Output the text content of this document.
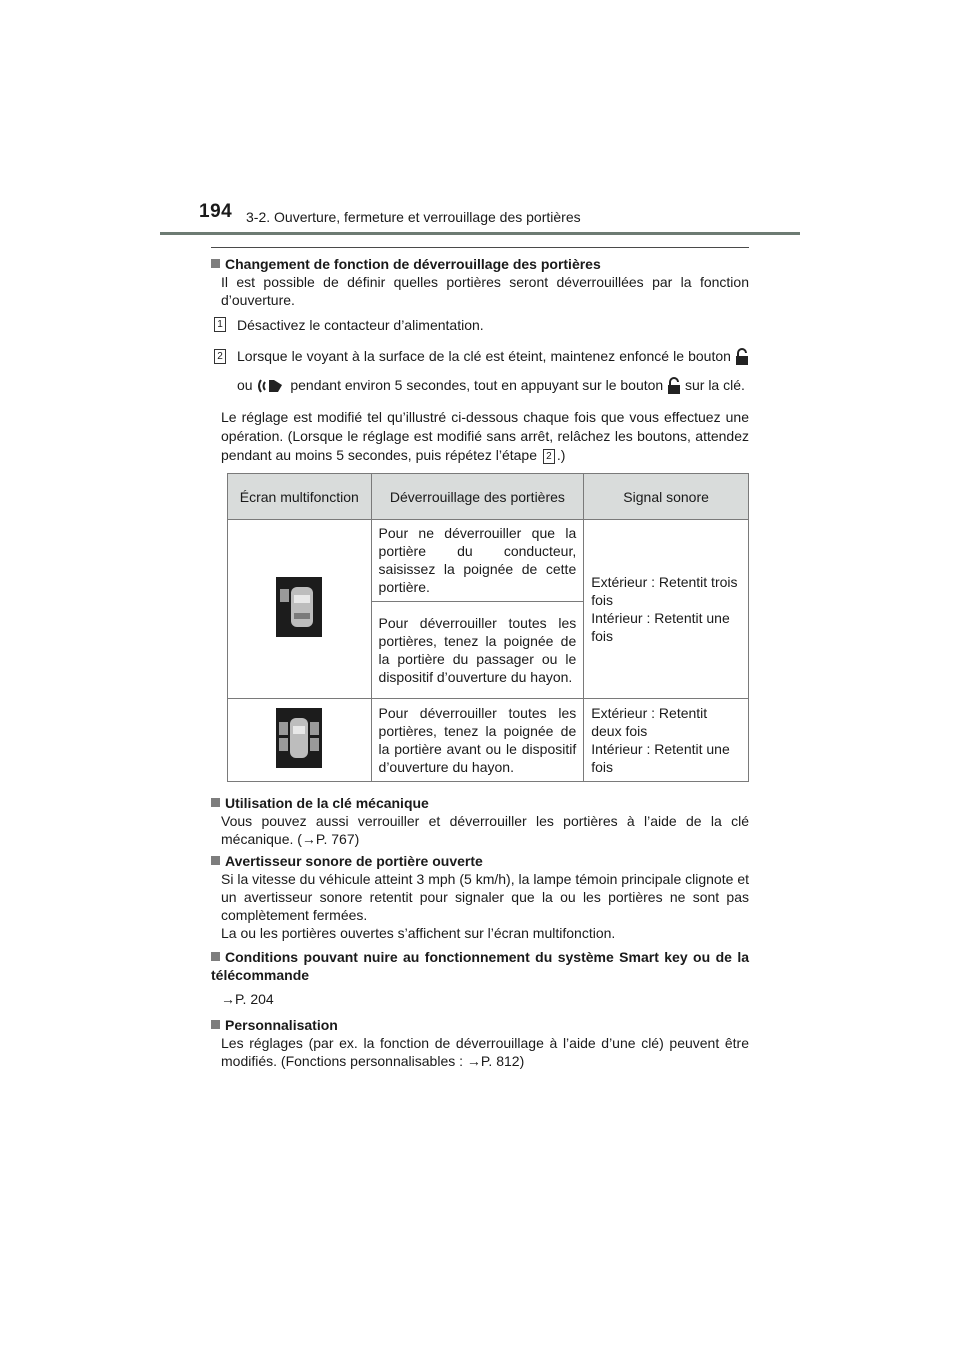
194 3-2. Ouverture, fermeture et verrouillage des portières
Changement de fonction de déverrouillage des portières
Il est possible de définir quelles portières seront déverrouillées par la fonction d’ouverture.
1 Désactivez le contacteur d’alimentation.
2 Lorsque le voyant à la surface de la clé est éteint, maintenez enfoncé le bouton  ou	pendant environ 5 secondes, tout en appuyant sur le bouton sur la clé.
Le réglage est modifié tel qu’illustré ci-dessous chaque fois que vous effectuez une opération. (Lorsque le réglage est modifié sans arrêt, relâchez les boutons, attendez pendant au moins 5 secondes, puis répétez l’étape 2 .)
Écran multifonction	Déverrouillage des portières	Signal sonore
	Pour ne déverrouiller que la portière du conducteur, saisissez la poignée de cette portière.	Extérieur : Retentit trois fois
Intérieur : Retentit une fois
	Pour déverrouiller toutes les portières, tenez la poignée de la portière du passager ou le dispositif d’ouverture du hayon.	
	Pour déverrouiller toutes les portières, tenez la poignée de la portière avant ou le dispositif d’ouverture du hayon.	Extérieur : Retentit deux fois
Intérieur : Retentit une fois
Utilisation de la clé mécanique
Vous pouvez aussi verrouiller et déverrouiller les portières à l’aide de la clé mécanique. (→P. 767)
Avertisseur sonore de portière ouverte
Si la vitesse du véhicule atteint 3 mph (5 km/h), la lampe témoin principale clignote et un avertisseur sonore retentit pour signaler que la ou les portières ne sont pas complètement fermées.
La ou les portières ouvertes s’affichent sur l’écran multifonction.
Conditions pouvant nuire au fonctionnement du système Smart key ou de la télécommande
→P. 204
Personnalisation
Les réglages (par ex. la fonction de déverrouillage à l’aide d’une clé) peuvent être modifiés. (Fonctions personnalisables : →P. 812)
